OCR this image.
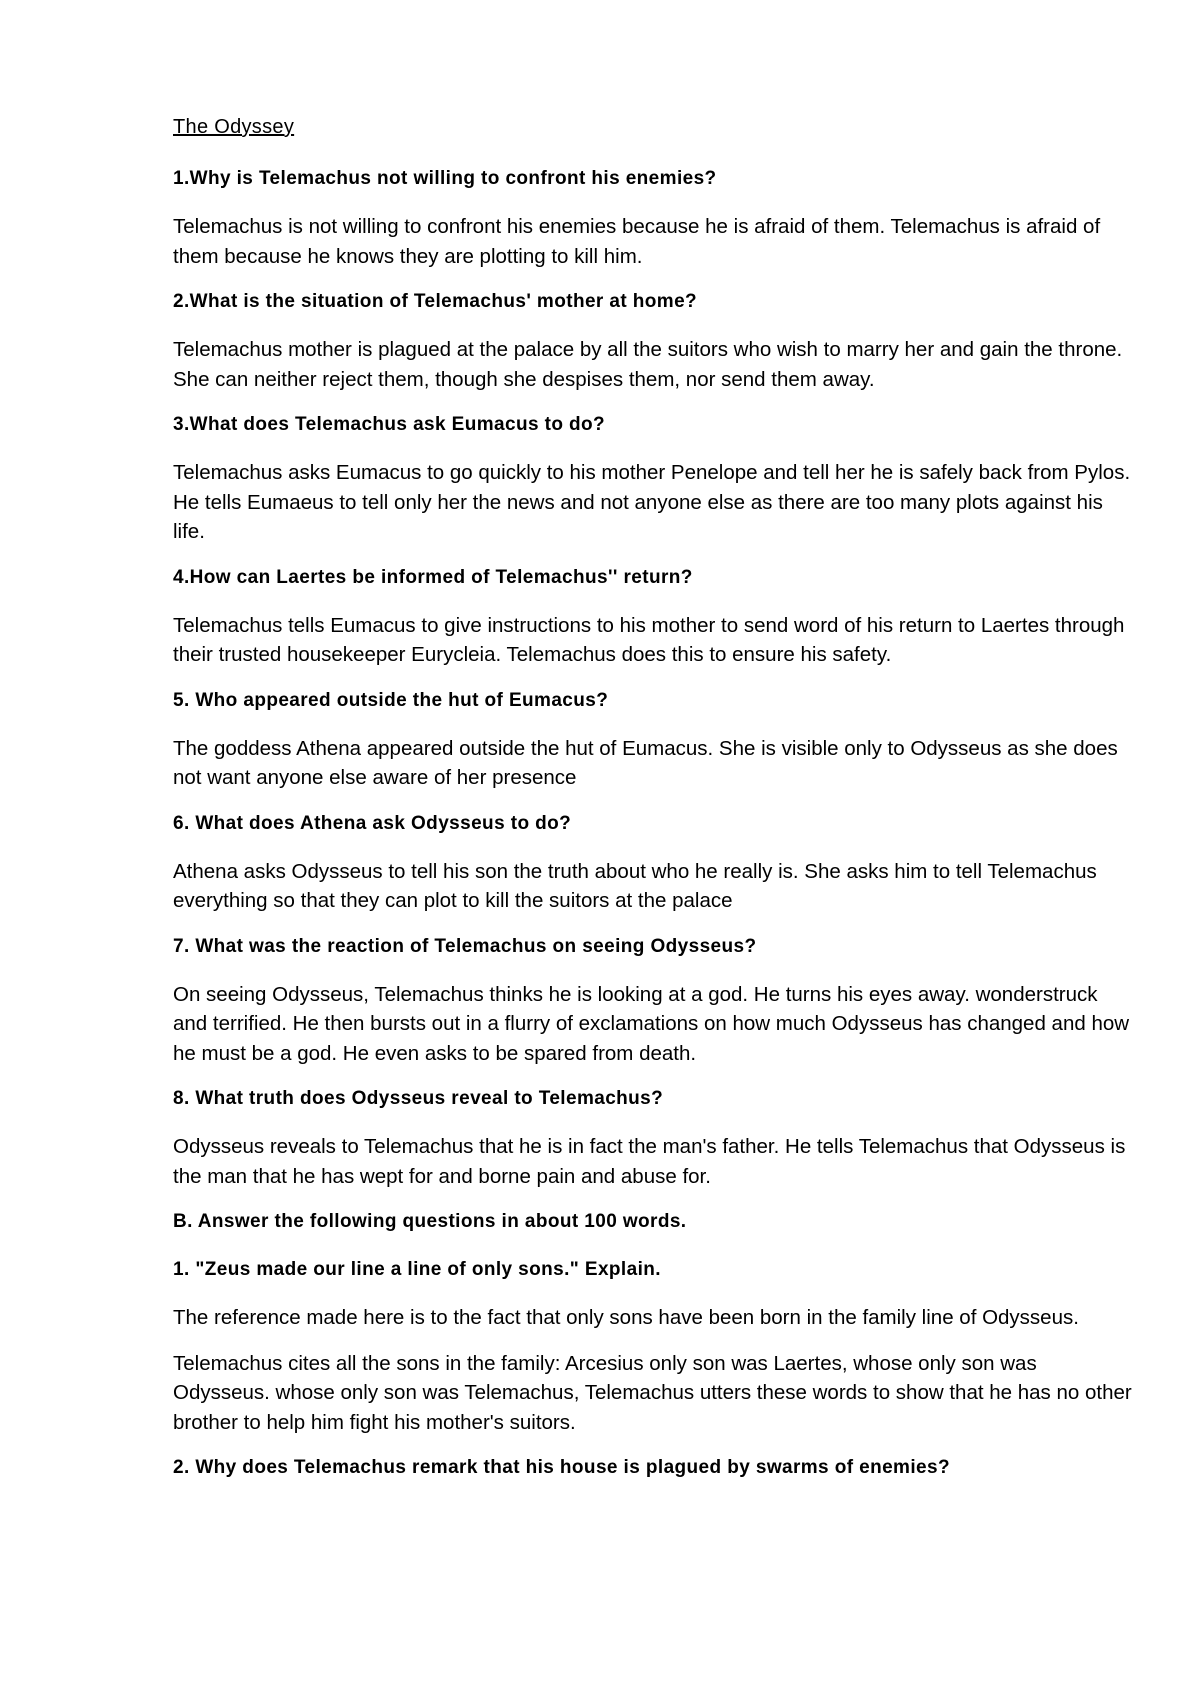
The Odyssey
1.Why is Telemachus not willing to confront his enemies?
Telemachus is not willing to confront his enemies because he is afraid of them. Telemachus is afraid of them because he knows they are plotting to kill him.
2.What is the situation of Telemachus' mother at home?
Telemachus mother is plagued at the palace by all the suitors who wish to marry her and gain the throne. She can neither reject them, though she despises them, nor send them away.
3.What does Telemachus ask Eumacus to do?
Telemachus asks Eumacus to go quickly to his mother Penelope and tell her he is safely back from Pylos. He tells Eumaeus to tell only her the news and not anyone else as there are too many plots against his life.
4.How can Laertes be informed of Telemachus'' return?
Telemachus tells Eumacus to give instructions to his mother to send word of his return to Laertes through their trusted housekeeper Eurycleia. Telemachus does this to ensure his safety.
5. Who appeared outside the hut of Eumacus?
The goddess Athena appeared outside the hut of Eumacus. She is visible only to Odysseus as she does not want anyone else aware of her presence
6. What does Athena ask Odysseus to do?
Athena asks Odysseus to tell his son the truth about who he really is. She asks him to tell Telemachus everything so that they can plot to kill the suitors at the palace
7. What was the reaction of Telemachus on seeing Odysseus?
On seeing Odysseus, Telemachus thinks he is looking at a god. He turns his eyes away. wonderstruck and terrified. He then bursts out in a flurry of exclamations on how much Odysseus has changed and how he must be a god. He even asks to be spared from death.
8. What truth does Odysseus reveal to Telemachus?
Odysseus reveals to Telemachus that he is in fact the man's father. He tells Telemachus that Odysseus is the man that he has wept for and borne pain and abuse for.
B. Answer the following questions in about 100 words.
1. "Zeus made our line a line of only sons." Explain.
The reference made here is to the fact that only sons have been born in the family line of Odysseus.
Telemachus cites all the sons in the family: Arcesius only son was Laertes, whose only son was Odysseus. whose only son was Telemachus, Telemachus utters these words to show that he has no other brother to help him fight his mother's suitors.
2. Why does Telemachus remark that his house is plagued by swarms of enemies?
